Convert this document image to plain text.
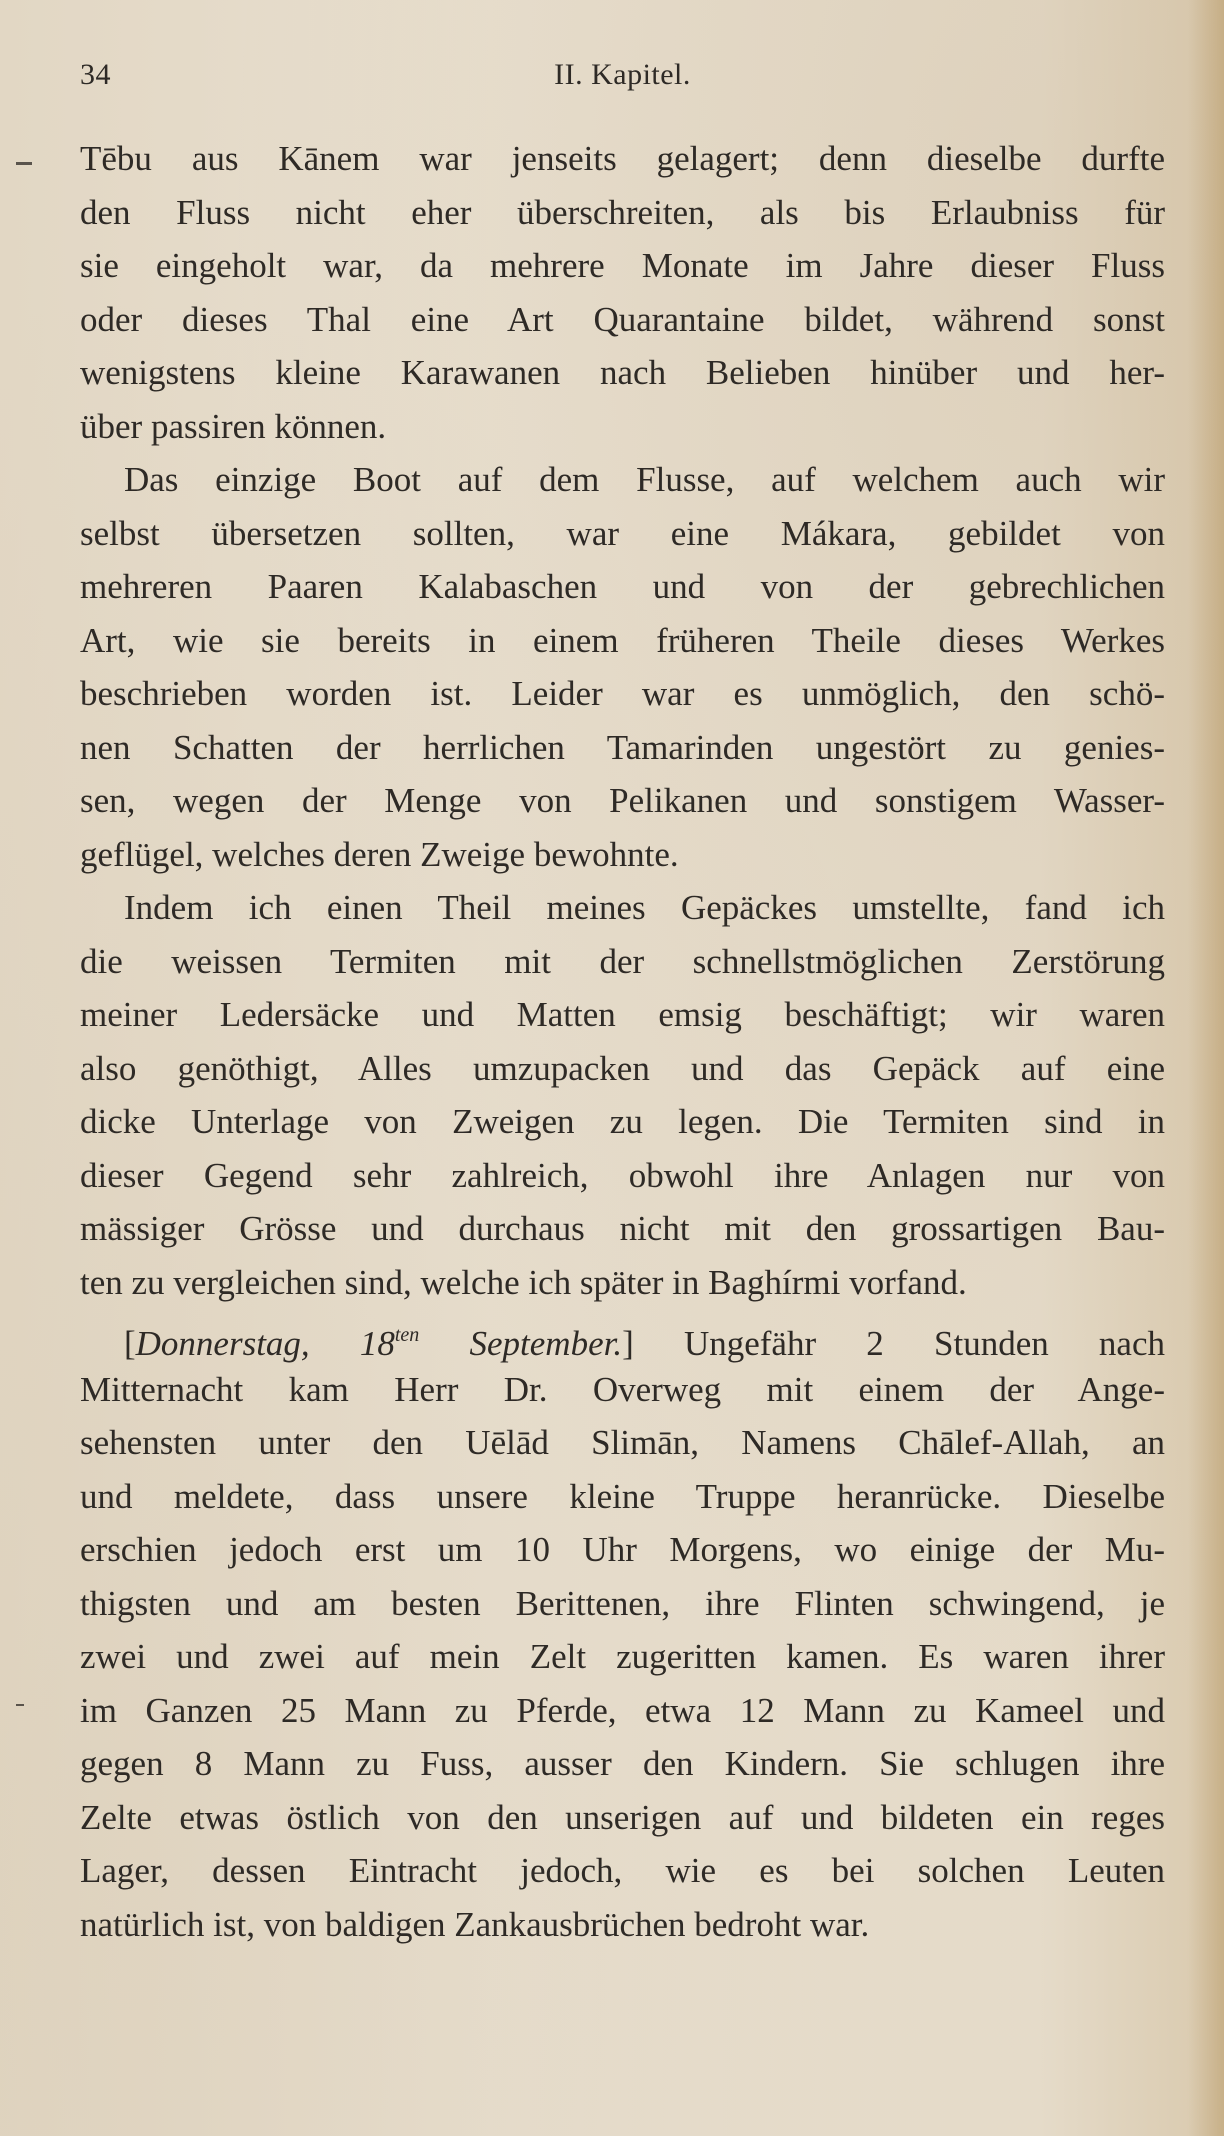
34	II. Kapitel.
Tēbu aus Kānem war jenseits gelagert; denn dieselbe durfte
den Fluss nicht eher überschreiten, als bis Erlaubniss für
sie eingeholt war, da mehrere Monate im Jahre dieser Fluss
oder dieses Thal eine Art Quarantaine bildet, während sonst
wenigstens kleine Karawanen nach Belieben hinüber und her-
über passiren können.
Das einzige Boot auf dem Flusse, auf welchem auch wir
selbst übersetzen sollten, war eine Mákara, gebildet von
mehreren Paaren Kalabaschen und von der gebrechlichen
Art, wie sie bereits in einem früheren Theile dieses Werkes
beschrieben worden ist. Leider war es unmöglich, den schö-
nen Schatten der herrlichen Tamarinden ungestört zu genies-
sen, wegen der Menge von Pelikanen und sonstigem Wasser-
geflügel, welches deren Zweige bewohnte.
Indem ich einen Theil meines Gepäckes umstellte, fand ich
die weissen Termiten mit der schnellstmöglichen Zerstörung
meiner Ledersäcke und Matten emsig beschäftigt; wir waren
also genöthigt, Alles umzupacken und das Gepäck auf eine
dicke Unterlage von Zweigen zu legen. Die Termiten sind in
dieser Gegend sehr zahlreich, obwohl ihre Anlagen nur von
mässiger Grösse und durchaus nicht mit den grossartigen Bau-
ten zu vergleichen sind, welche ich später in Baghírmi vorfand.
[Donnerstag, $18^{ten}$ September.] Ungefähr 2 Stunden nach
Mitternacht kam Herr Dr. Overweg mit einem der Ange-
sehensten unter den Uēlād Slimān, Namens Chālef-Allah, an
und meldete, dass unsere kleine Truppe heranrücke. Dieselbe
erschien jedoch erst um 10 Uhr Morgens, wo einige der Mu-
thigsten und am besten Berittenen, ihre Flinten schwingend, je
zwei und zwei auf mein Zelt zugeritten kamen. Es waren ihrer
im Ganzen 25 Mann zu Pferde, etwa 12 Mann zu Kameel und
gegen 8 Mann zu Fuss, ausser den Kindern. Sie schlugen ihre
Zelte etwas östlich von den unserigen auf und bildeten ein reges
Lager, dessen Eintracht jedoch, wie es bei solchen Leuten
natürlich ist, von baldigen Zankausbrüchen bedroht war.
